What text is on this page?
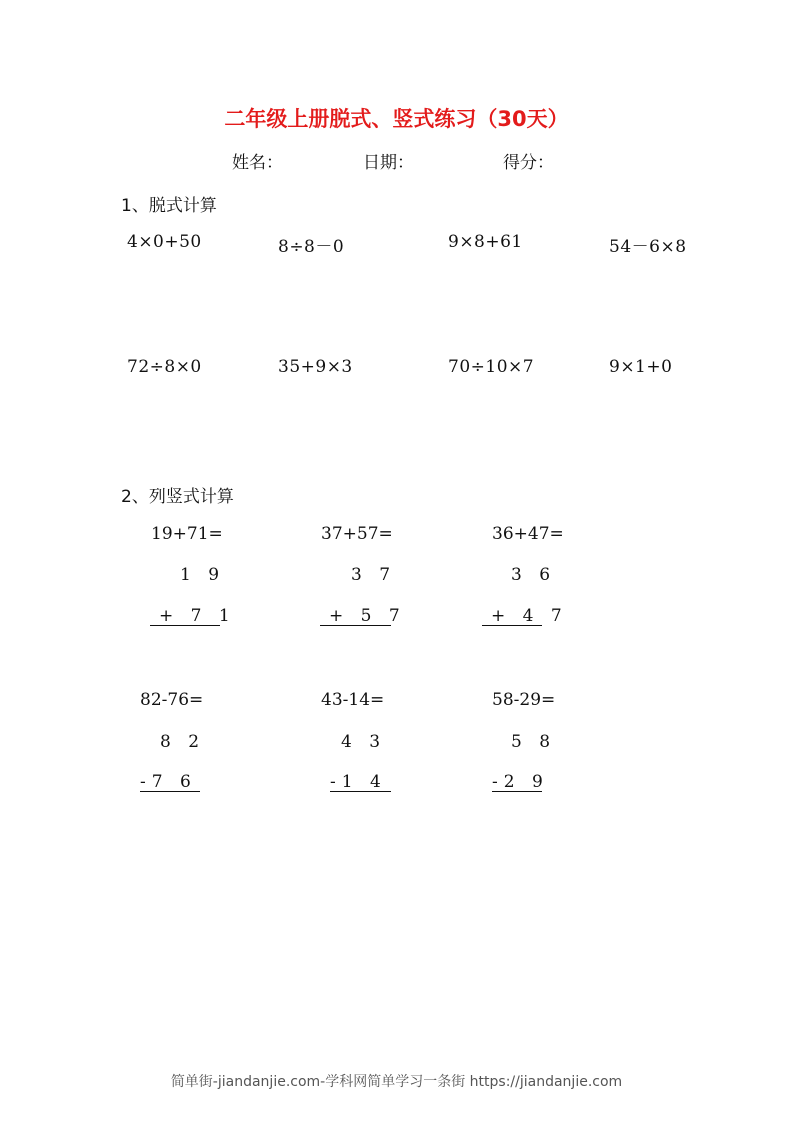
二年级上册脱式、竖式练习（30天）
姓名：	日期：	得分：
1、脱式计算
4×0+50	8÷8－0	9×8+61	54－6×8
72÷8×0	35+9×3	70÷10×7	9×1+0
2、列竖式计算
19+71=
1 9
+ 7 1
37+57=
3 7
+ 5 7
36+47=
3 6
+ 4 7
82-76=
8 2
-7 6
43-14=
4 3
-1 4
58-29=
5 8
-2 9
简单街-jiandanjie.com-学科网简单学习一条街 https://jiandanjie.com
